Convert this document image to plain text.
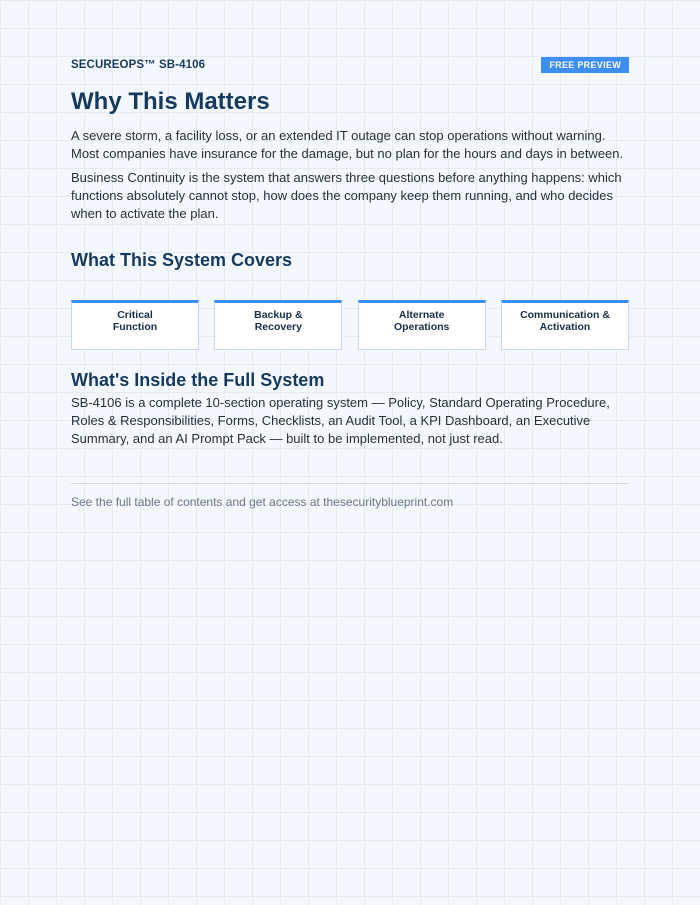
SECUREOPS™ SB-4106	FREE PREVIEW
Why This Matters

A severe storm, a facility loss, or an extended IT outage can stop operations without warning. Most companies have insurance for the damage, but no plan for the hours and days in between.

Business Continuity is the system that answers three questions before anything happens: which functions absolutely cannot stop, how does the company keep them running, and who decides when to activate the plan.

What This System Covers
Critical
Function
Backup &
Recovery
Alternate
Operations
Communication &
Activation
What's Inside the Full System

SB-4106 is a complete 10-section operating system — Policy, Standard Operating Procedure, Roles & Responsibilities, Forms, Checklists, an Audit Tool, a KPI Dashboard, an Executive Summary, and an AI Prompt Pack — built to be implemented, not just read.

See the full table of contents and get access at thesecurityblueprint.com
